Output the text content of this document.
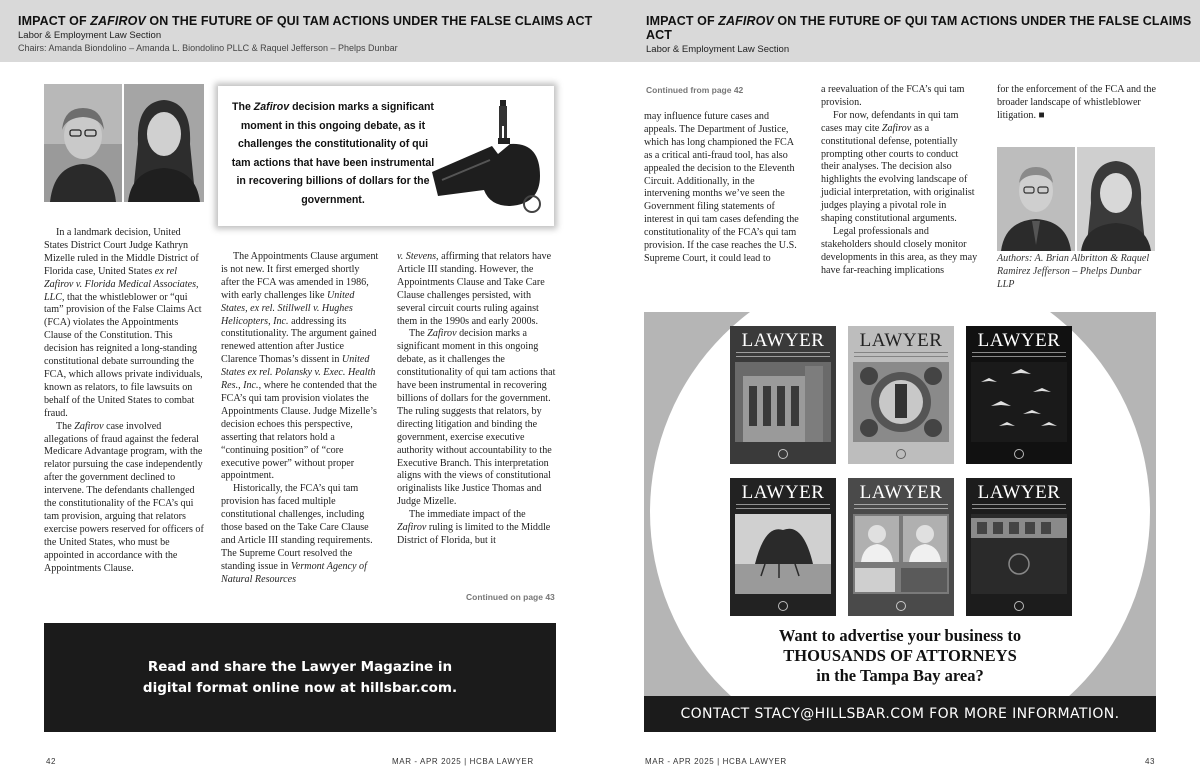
IMPACT OF ZAFIROV ON THE FUTURE OF QUI TAM ACTIONS UNDER THE FALSE CLAIMS ACT
Labor & Employment Law Section
Chairs: Amanda Biondolino – Amanda L. Biondolino PLLC & Raquel Jefferson – Phelps Dunbar
The Zafirov decision marks a significant moment in this ongoing debate, as it challenges the constitutionality of qui tam actions that have been instrumental in recovering billions of dollars for the government.

In a landmark decision, United States District Court Judge Kathryn Mizelle ruled in the Middle District of Florida case, United States ex rel Zafirov v. Florida Medical Associates, LLC, that the whistleblower or “qui tam” provision of the False Claims Act (FCA) violates the Appointments Clause of the Constitution. This decision has reignited a long-standing constitutional debate surrounding the FCA, which allows private individuals, known as relators, to file lawsuits on behalf of the United States to combat fraud.

The Zafirov case involved allegations of fraud against the federal Medicare Advantage program, with the relator pursuing the case independently after the government declined to intervene. The defendants challenged the constitutionality of the FCA’s qui tam provision, arguing that relators exercise powers reserved for officers of the United States, who must be appointed in accordance with the Appointments Clause.

The Appointments Clause argument is not new. It first emerged shortly after the FCA was amended in 1986, with early challenges like United States, ex rel. Stillwell v. Hughes Helicopters, Inc. addressing its constitutionality. The argument gained renewed attention after Justice Clarence Thomas’s dissent in United States ex rel. Polansky v. Exec. Health Res., Inc., where he contended that the FCA’s qui tam provision violates the Appointments Clause. Judge Mizelle’s decision echoes this perspective, asserting that relators hold a “continuing position” of “core executive power” without proper appointment.

Historically, the FCA’s qui tam provision has faced multiple constitutional challenges, including those based on the Take Care Clause and Article III standing requirements. The Supreme Court resolved the standing issue in Vermont Agency of Natural Resources

v. Stevens, affirming that relators have Article III standing. However, the Appointments Clause and Take Care Clause challenges persisted, with several circuit courts ruling against them in the 1990s and early 2000s.

The Zafirov decision marks a significant moment in this ongoing debate, as it challenges the constitutionality of qui tam actions that have been instrumental in recovering billions of dollars for the government. The ruling suggests that relators, by directing litigation and binding the government, exercise executive authority without accountability to the Executive Branch. This interpretation aligns with the views of constitutional originalists like Justice Thomas and Judge Mizelle.

The immediate impact of the Zafirov ruling is limited to the Middle District of Florida, but it

Continued on page 43
Read and share the Lawyer Magazine in
digital format online now at hillsbar.com.
42	MAR - APR 2025 | HCBA LAWYER
IMPACT OF ZAFIROV ON THE FUTURE OF QUI TAM ACTIONS UNDER THE FALSE CLAIMS ACT
Labor & Employment Law Section
Continued from page 42

may influence future cases and appeals. The Department of Justice, which has long championed the FCA as a critical anti-fraud tool, has also appealed the decision to the Eleventh Circuit. Additionally, in the intervening months we’ve seen the Government filing statements of interest in qui tam cases defending the constitutionality of the FCA’s qui tam provision. If the case reaches the U.S. Supreme Court, it could lead to

a reevaluation of the FCA’s qui tam provision.

For now, defendants in qui tam cases may cite Zafirov as a constitutional defense, potentially prompting other courts to conduct their analyses. The decision also highlights the evolving landscape of judicial interpretation, with originalist judges playing a pivotal role in shaping constitutional arguments.

Legal professionals and stakeholders should closely monitor developments in this area, as they may have far-reaching implications

for the enforcement of the FCA and the broader landscape of whistleblower litigation. ■

Authors: A. Brian Albritton & Raquel Ramirez Jefferson – Phelps Dunbar LLP
LAWYER	LAWYER	LAWYER
LAWYER	LAWYER	LAWYER
Want to advertise your business to
THOUSANDS OF ATTORNEYS
in the Tampa Bay area?
CONTACT STACY@HILLSBAR.COM FOR MORE INFORMATION.
MAR - APR 2025 | HCBA LAWYER	43
